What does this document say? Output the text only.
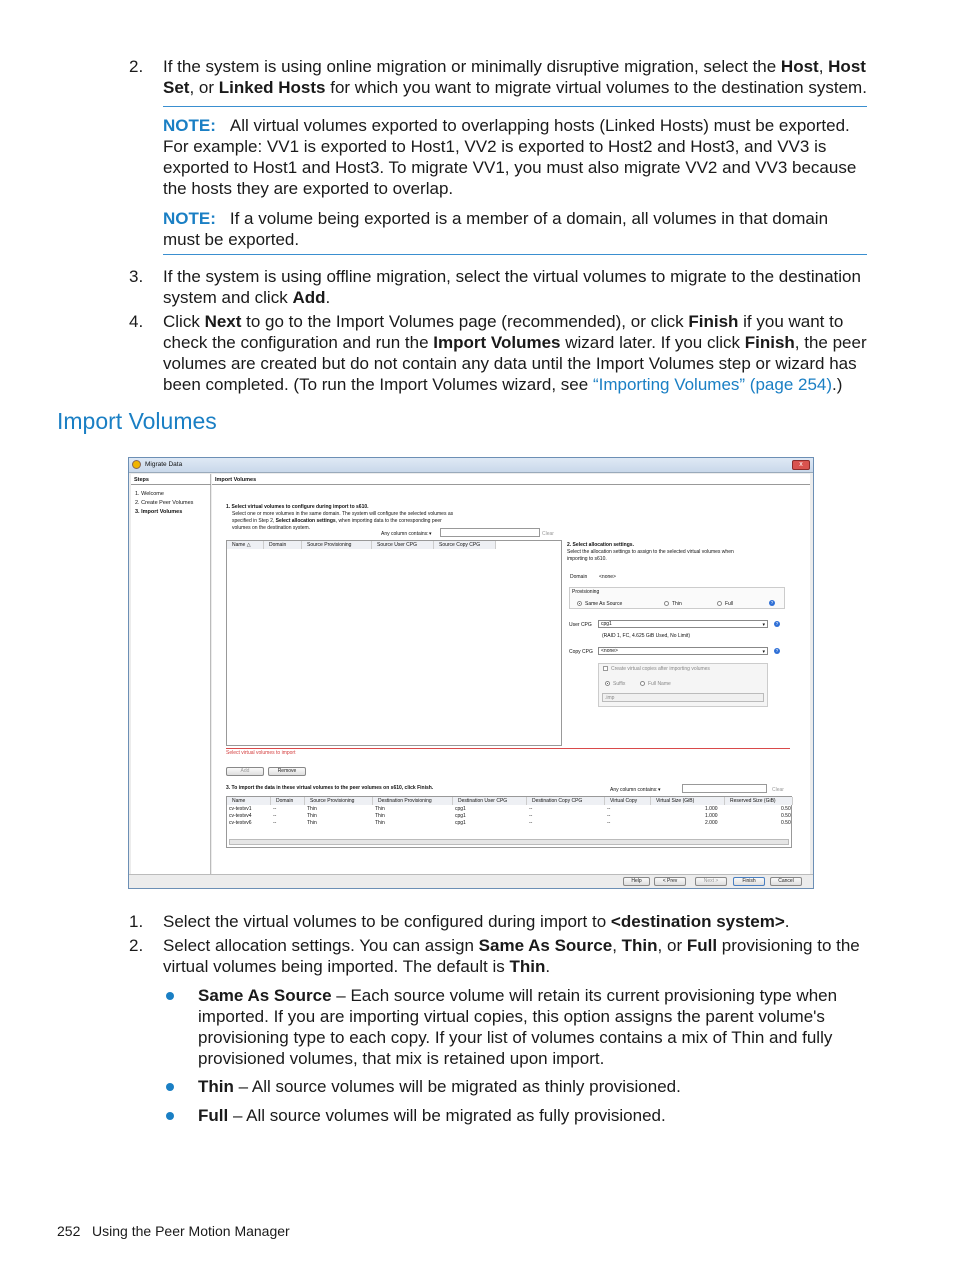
2. If the system is using online migration or minimally disruptive migration, select the Host, Host
Set, or Linked Hosts for which you want to migrate virtual volumes to the destination system.
NOTE: All virtual volumes exported to overlapping hosts (Linked Hosts) must be exported. For example: VV1 is exported to Host1, VV2 is exported to Host2 and Host3, and VV3 is exported to Host1 and Host3. To migrate VV1, you must also migrate VV2 and VV3 because the hosts they are exported to overlap.
NOTE: If a volume being exported is a member of a domain, all volumes in that domain must be exported.
3. If the system is using offline migration, select the virtual volumes to migrate to the destination system and click Add.
4. Click Next to go to the Import Volumes page (recommended), or click Finish if you want to check the configuration and run the Import Volumes wizard later. If you click Finish, the peer volumes are created but do not contain any data until the Import Volumes step or wizard has been completed. (To run the Import Volumes wizard, see “Importing Volumes” (page 254).)
Import Volumes
Migrate Data	x
Steps
1. Welcome
2. Create Peer Volumes
3. Import Volumes
Import Volumes
1. Select virtual volumes to configure during import to s610.
Select one or more volumes in the same domain. The system will configure the selected volumes as
specified in Step 2, Select allocation settings, when importing data to the corresponding peer
volumes on the destination system.
Any column contains: ▾	Clear
Name △	Domain	Source Provisioning	Source User CPG	Source Copy CPG	2. Select allocation settings.
Select the allocation settings to assign to the selected virtual volumes when
importing to s610.
Domain <none>
Provisioning
Same As Source	Thin	Full	?
User CPG	cpg1	▾	?
(RAID 1, FC, 4.625 GiB Used, No Limit)
Copy CPG	<none>	▾	?
Create virtual copies after importing volumes
Suffix	Full Name
.imp
Select virtual volumes to import
Add	Remove
3. To import the data in these virtual volumes to the peer volumes on s610, click Finish.	Any column contains: ▾	Clear
Name	Domain	Source Provisioning	Destination Provisioning	Destination User CPG	Destination Copy CPG	Virtual Copy	Virtual Size (GiB)	Reserved Size (GiB)
cv-testvv1	--	Thin	Thin	cpg1	--	--	1.000	0.50
cv-testvv4	--	Thin	Thin	cpg1	--	--	1.000	0.50
cv-testvv6	--	Thin	Thin	cpg1	--	--	2.000	0.50
Help	< Prev	Next >	Finish	Cancel
1. Select the virtual volumes to be configured during import to <destination system>.
2. Select allocation settings. You can assign Same As Source, Thin, or Full provisioning to the virtual volumes being imported. The default is Thin.
Same As Source – Each source volume will retain its current provisioning type when imported. If you are importing virtual copies, this option assigns the parent volume's provisioning type to each copy. If your list of volumes contains a mix of Thin and fully provisioned volumes, that mix is retained upon import.
Thin – All source volumes will be migrated as thinly provisioned.
Full – All source volumes will be migrated as fully provisioned.
252 Using the Peer Motion Manager
